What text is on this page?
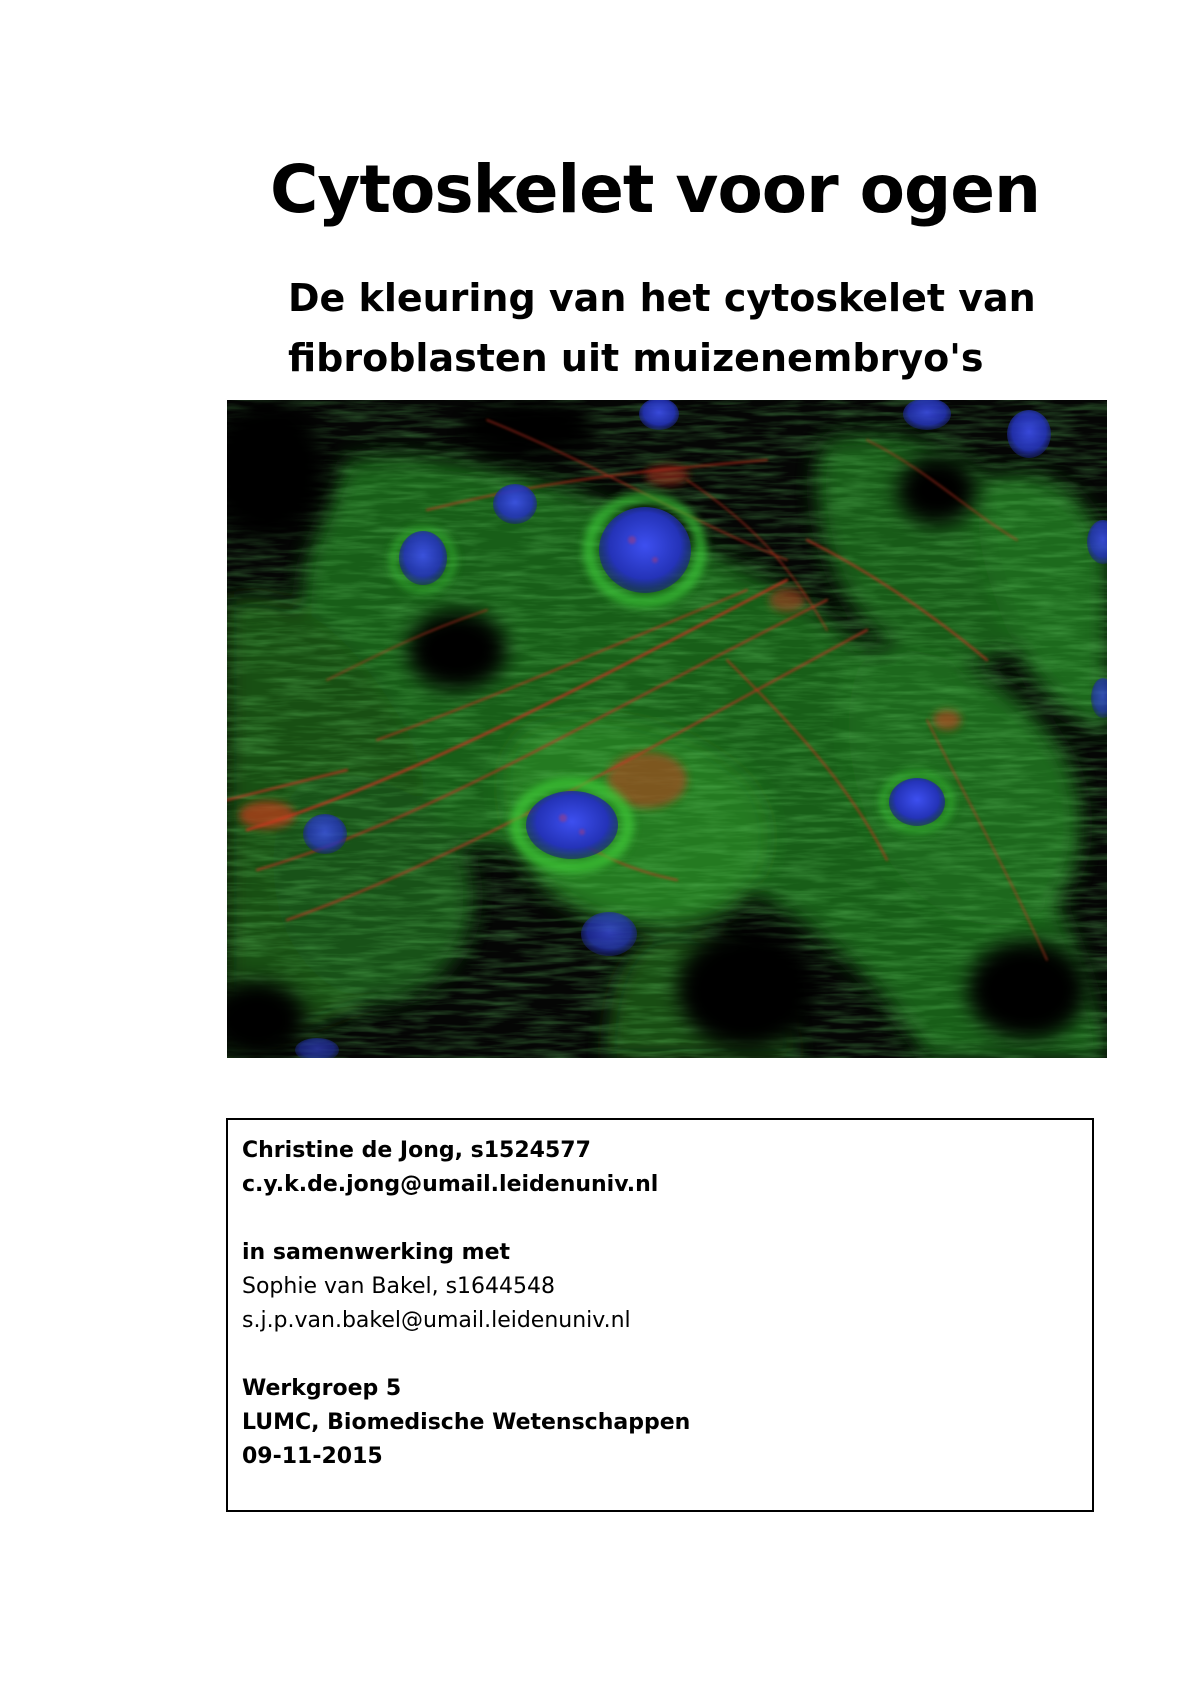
Cytoskelet voor ogen
De kleuring van het cytoskelet van
fibroblasten uit muizenembryo's
Christine de Jong, s1524577
c.y.k.de.jong@umail.leidenuniv.nl
in samenwerking met
Sophie van Bakel, s1644548
s.j.p.van.bakel@umail.leidenuniv.nl
Werkgroep 5
LUMC, Biomedische Wetenschappen
09-11-2015
